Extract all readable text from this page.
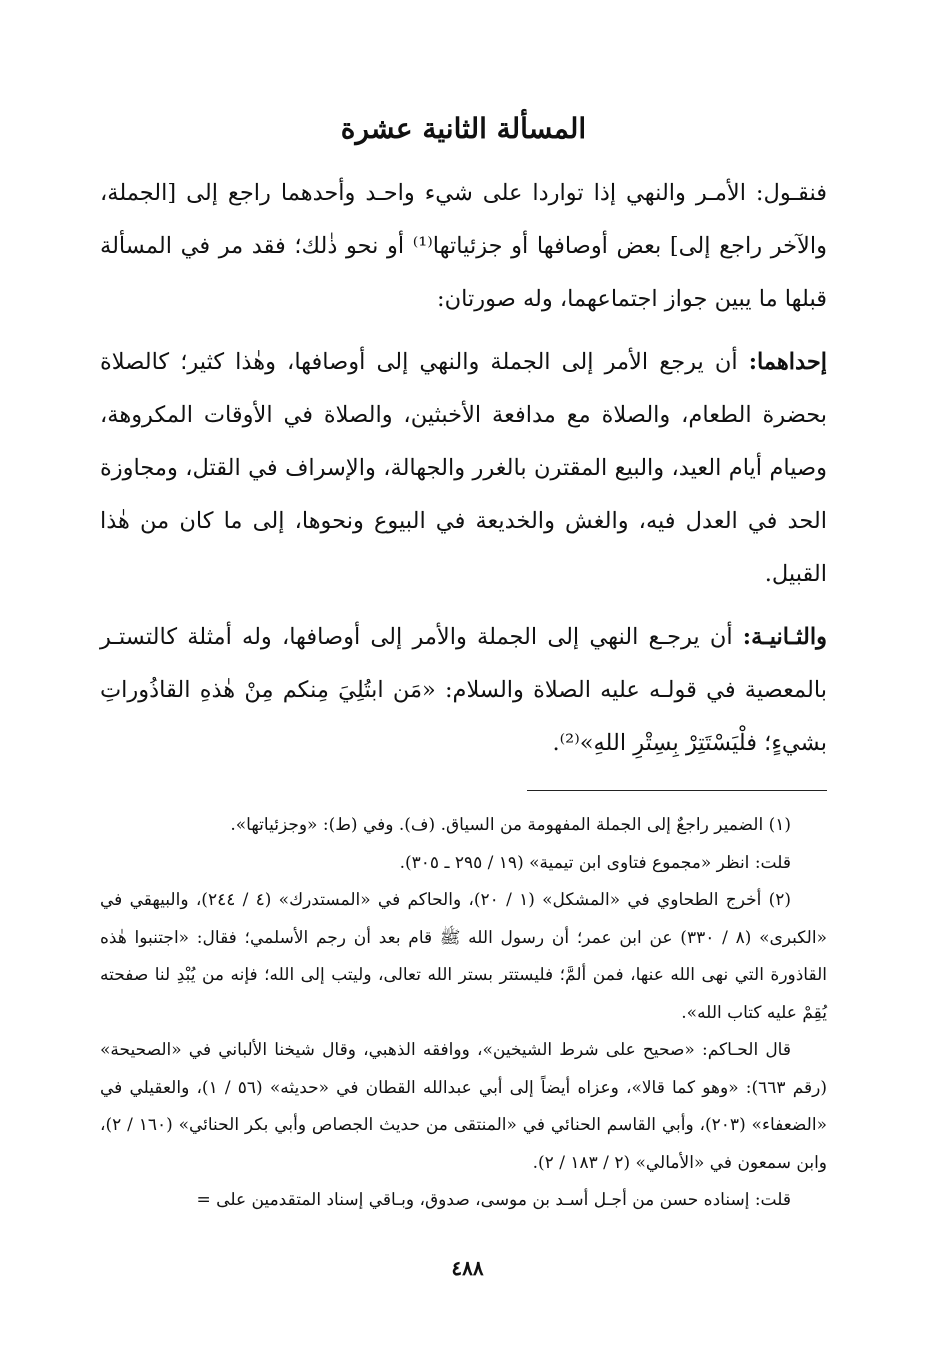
المسألة الثانية عشرة

فنقـول: الأمـر والنهي إذا تواردا على شيء واحـد وأحدهما راجع إلى [الجملة، والآخر راجع إلى] بعض أوصافها أو جزئياتها⁽¹⁾ أو نحو ذٰلك؛ فقد مر في المسألة قبلها ما يبين جواز اجتماعهما، وله صورتان:

إحداهما: أن يرجع الأمر إلى الجملة والنهي إلى أوصافها، وهٰذا كثير؛ كالصلاة بحضرة الطعام، والصلاة مع مدافعة الأخبثين، والصلاة في الأوقات المكروهة، وصيام أيام العيد، والبيع المقترن بالغرر والجهالة، والإسراف في القتل، ومجاوزة الحد في العدل فيه، والغش والخديعة في البيوع ونحوها، إلى ما كان من هٰذا القبيل.

والثـانيـة: أن يرجـع النهي إلى الجملة والأمر إلى أوصافها، وله أمثلة كالتستـر بالمعصية في قولـه عليه الصلاة والسلام: «مَن ابتُلِيَ مِنكم مِنْ هٰذهِ القاذُوراتِ بشيءٍ؛ فلْيَسْتَتِرْ بِسِتْرِ اللهِ»⁽²⁾.

(١) الضمير راجعٌ إلى الجملة المفهومة من السياق. (ف). وفي (ط): «وجزئياتها».

قلت: انظر «مجموع فتاوى ابن تيمية» (١٩ / ٢٩٥ ـ ٣٠٥).

(٢) أخرج الطحاوي في «المشكل» (١ / ٢٠)، والحاكم في «المستدرك» (٤ / ٢٤٤)، والبيهقي في «الكبرى» (٨ / ٣٣٠) عن ابن عمر؛ أن رسول الله ﷺ قام بعد أن رجم الأسلمي؛ فقال: «اجتنبوا هٰذه القاذورة التي نهى الله عنها، فمن ألمَّ؛ فليستتر بستر الله تعالى، وليتب إلى الله؛ فإنه من يُبْدِ لنا صفحته يُقِمْ عليه كتاب الله».

قال الحـاكم: «صحيح على شرط الشيخين»، ووافقه الذهبي، وقال شيخنا الألباني في «الصحيحة» (رقم ٦٦٣): «وهو كما قالا»، وعزاه أيضاً إلى أبي عبدالله القطان في «حديثه» (٥٦ / ١)، والعقيلي في «الضعفاء» (٢٠٣)، وأبي القاسم الحنائي في «المنتقى من حديث الجصاص وأبي بكر الحنائي» (١٦٠ / ٢)، وابن سمعون في «الأمالي» (٢ / ١٨٣ / ٢).

قلت: إسناده حسن من أجـل أسـد بن موسى، صدوق، وبـاقي إسناد المتقدمين على =

٤٨٨
